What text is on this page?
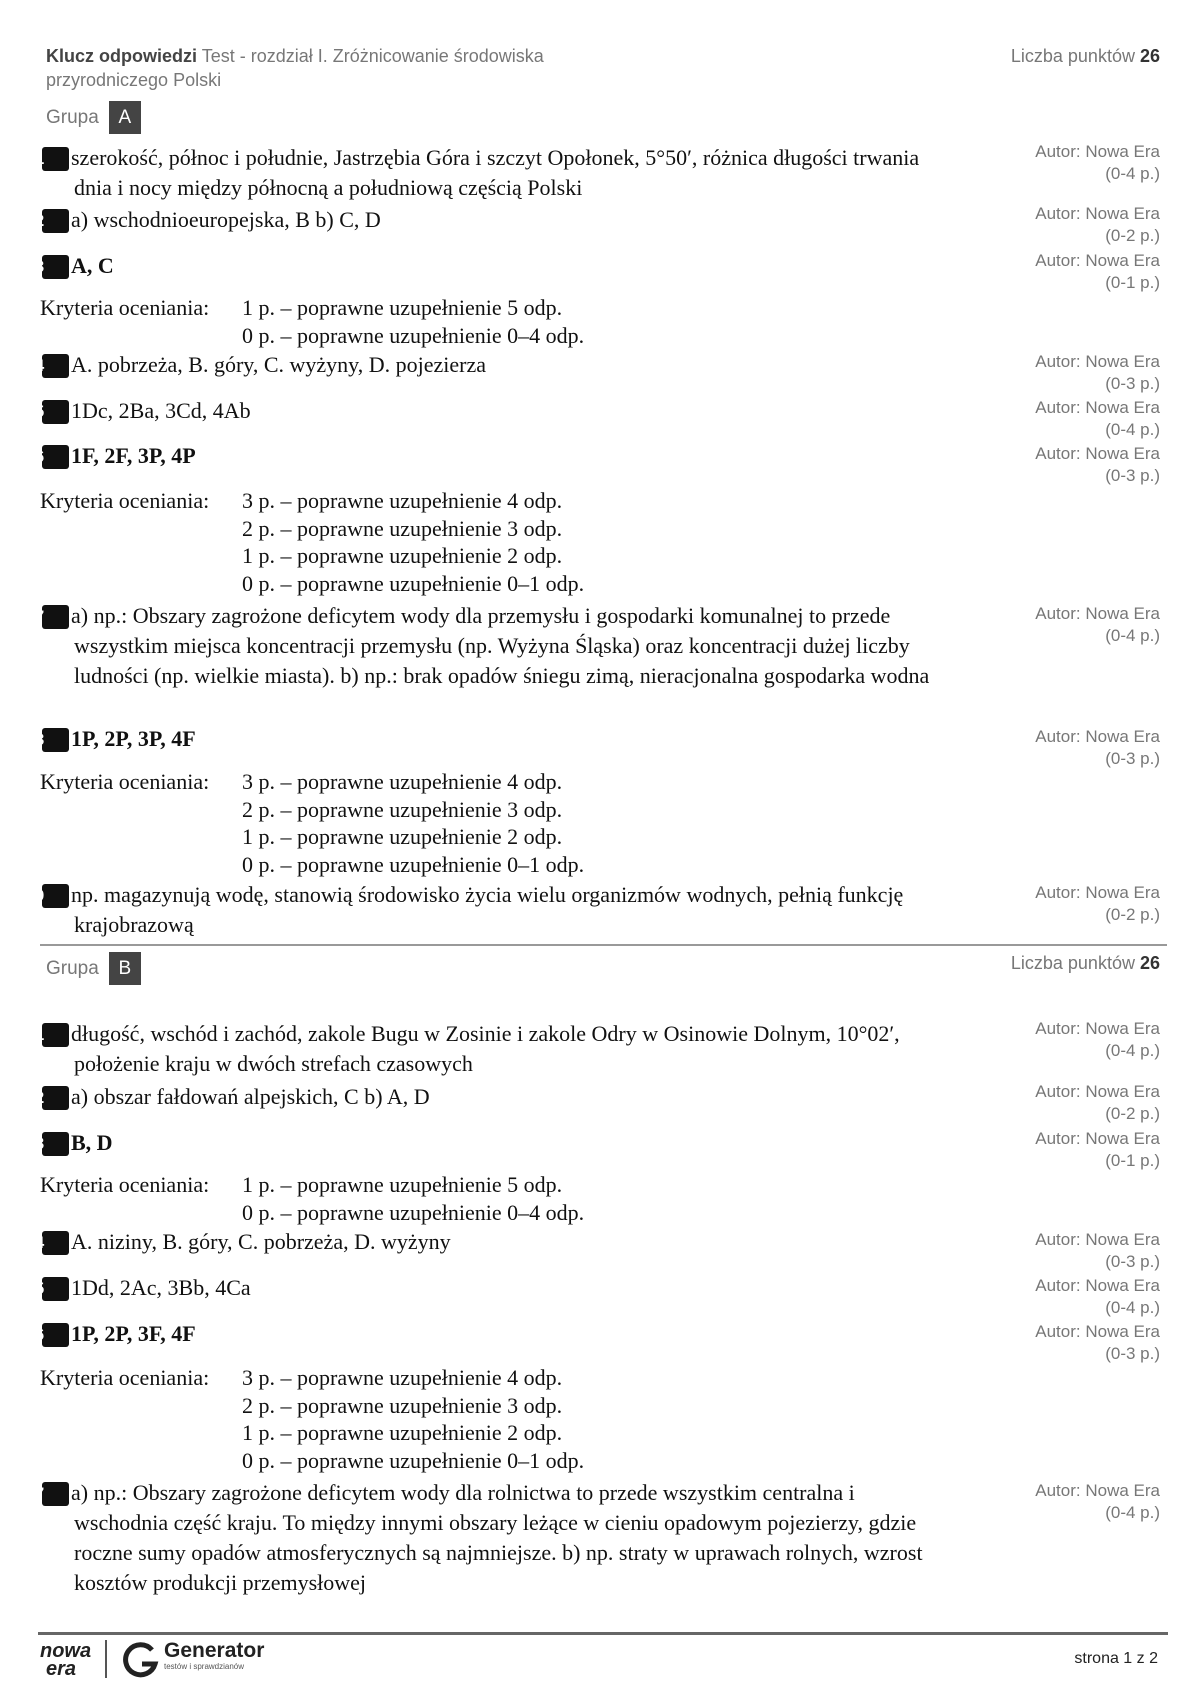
Klucz odpowiedzi Test - rozdział I. Zróżnicowanie środowiska przyrodniczego Polski
Liczba punktów 26
Grupa	A
1 szerokość, północ i południe, Jastrzębia Góra i szczyt Opołonek, 5°50′, różnica długości trwania dnia i nocy między północną a południową częścią Polski
Autor: Nowa Era
(0-4 p.)
2 a) wschodnioeuropejska, B b) C, D	Autor: Nowa Era
(0-2 p.)
3 A, C	Autor: Nowa Era
(0-1 p.)
Kryteria oceniania: 1 p. – poprawne uzupełnienie 5 odp.
0 p. – poprawne uzupełnienie 0–4 odp.
4 A. pobrzeża, B. góry, C. wyżyny, D. pojezierza	Autor: Nowa Era
(0-3 p.)
5 1Dc, 2Ba, 3Cd, 4Ab	Autor: Nowa Era
(0-4 p.)
6 1F, 2F, 3P, 4P	Autor: Nowa Era
(0-3 p.)
Kryteria oceniania: 3 p. – poprawne uzupełnienie 4 odp.
2 p. – poprawne uzupełnienie 3 odp.
1 p. – poprawne uzupełnienie 2 odp.
0 p. – poprawne uzupełnienie 0–1 odp.
7 a) np.: Obszary zagrożone deficytem wody dla przemysłu i gospodarki komunalnej to przede wszystkim miejsca koncentracji przemysłu (np. Wyżyna Śląska) oraz koncentracji dużej liczby ludności (np. wielkie miasta). b) np.: brak opadów śniegu zimą, nieracjonalna gospodarka wodna
Autor: Nowa Era
(0-4 p.)
8 1P, 2P, 3P, 4F	Autor: Nowa Era
(0-3 p.)
Kryteria oceniania: 3 p. – poprawne uzupełnienie 4 odp.
2 p. – poprawne uzupełnienie 3 odp.
1 p. – poprawne uzupełnienie 2 odp.
0 p. – poprawne uzupełnienie 0–1 odp.
9 np. magazynują wodę, stanowią środowisko życia wielu organizmów wodnych, pełnią funkcję krajobrazową
Autor: Nowa Era
(0-2 p.)
Grupa	B	Liczba punktów 26
1 długość, wschód i zachód, zakole Bugu w Zosinie i zakole Odry w Osinowie Dolnym, 10°02′, położenie kraju w dwóch strefach czasowych
Autor: Nowa Era
(0-4 p.)
2 a) obszar fałdowań alpejskich, C b) A, D	Autor: Nowa Era
(0-2 p.)
3 B, D	Autor: Nowa Era
(0-1 p.)
Kryteria oceniania: 1 p. – poprawne uzupełnienie 5 odp.
0 p. – poprawne uzupełnienie 0–4 odp.
4 A. niziny, B. góry, C. pobrzeża, D. wyżyny	Autor: Nowa Era
(0-3 p.)
5 1Dd, 2Ac, 3Bb, 4Ca	Autor: Nowa Era
(0-4 p.)
6 1P, 2P, 3F, 4F	Autor: Nowa Era
(0-3 p.)
Kryteria oceniania: 3 p. – poprawne uzupełnienie 4 odp.
2 p. – poprawne uzupełnienie 3 odp.
1 p. – poprawne uzupełnienie 2 odp.
0 p. – poprawne uzupełnienie 0–1 odp.
7 a) np.: Obszary zagrożone deficytem wody dla rolnictwa to przede wszystkim centralna i wschodnia część kraju. To między innymi obszary leżące w cieniu opadowym pojezierzy, gdzie roczne sumy opadów atmosferycznych są najmniejsze. b) np. straty w uprawach rolnych, wzrost kosztów produkcji przemysłowej
Autor: Nowa Era
(0-4 p.)
nowa
era
Generator
testów i sprawdzianów	strona 1 z 2
